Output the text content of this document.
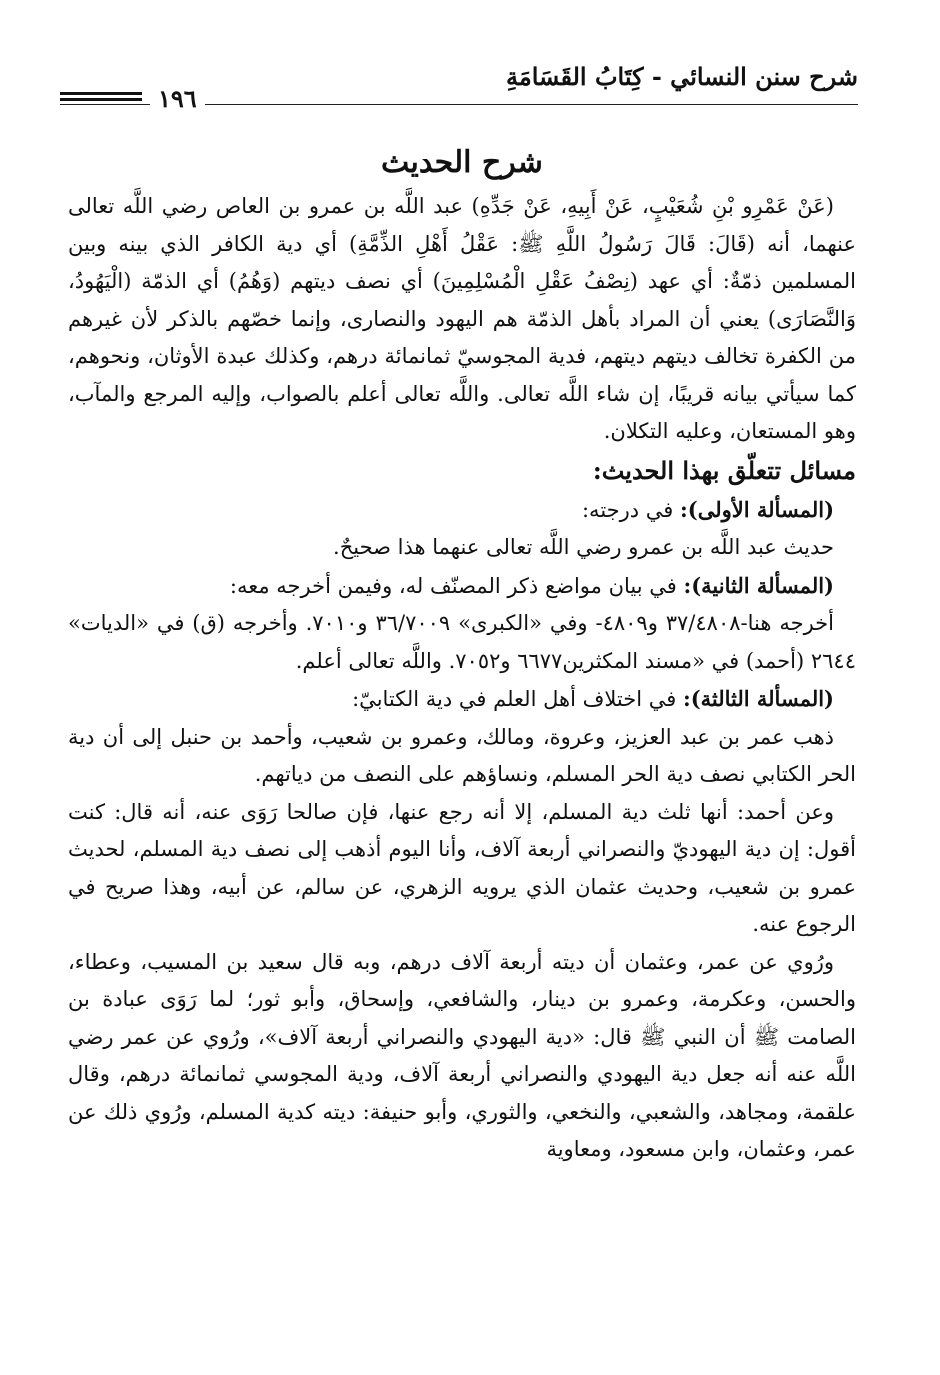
شرح سنن النسائي - كِتَابُ القَسَامَةِ
١٩٦
شرح الحديث

(عَنْ عَمْرِو بْنِ شُعَيْبٍ، عَنْ أَبِيهِ، عَنْ جَدِّهِ) عبد اللَّه بن عمرو بن العاص رضي اللَّه تعالى عنهما، أنه (قَالَ: قَالَ رَسُولُ اللَّهِ ﷺ: عَقْلُ أَهْلِ الذِّمَّةِ) أي دية الكافر الذي بينه وبين المسلمين ذمّةٌ: أي عهد (نِصْفُ عَقْلِ الْمُسْلِمِينَ) أي نصف ديتهم (وَهُمُ) أي الذمّة (الْيَهُودُ، وَالنَّصَارَى) يعني أن المراد بأهل الذمّة هم اليهود والنصارى، وإنما خصّهم بالذكر لأن غيرهم من الكفرة تخالف ديتهم ديتهم، فدية المجوسيّ ثمانمائة درهم، وكذلك عبدة الأوثان، ونحوهم، كما سيأتي بيانه قريبًا، إن شاء اللَّه تعالى. واللَّه تعالى أعلم بالصواب، وإليه المرجع والمآب، وهو المستعان، وعليه التكلان.

مسائل تتعلّق بهذا الحديث:

(المسألة الأولى): في درجته:

حديث عبد اللَّه بن عمرو رضي اللَّه تعالى عنهما هذا صحيحٌ.

(المسألة الثانية): في بيان مواضع ذكر المصنّف له، وفيمن أخرجه معه:

أخرجه هنا-٣٧/٤٨٠٨ و٤٨٠٩- وفي «الكبرى» ٣٦/٧٠٠٩ و٧٠١٠. وأخرجه (ق) في «الديات» ٢٦٤٤ (أحمد) في «مسند المكثرين٦٦٧٧ و٧٠٥٢. واللَّه تعالى أعلم.

(المسألة الثالثة): في اختلاف أهل العلم في دية الكتابيّ:

ذهب عمر بن عبد العزيز، وعروة، ومالك، وعمرو بن شعيب، وأحمد بن حنبل إلى أن دية الحر الكتابي نصف دية الحر المسلم، ونساؤهم على النصف من دياتهم.

وعن أحمد: أنها ثلث دية المسلم، إلا أنه رجع عنها، فإن صالحا رَوَى عنه، أنه قال: كنت أقول: إن دية اليهوديّ والنصراني أربعة آلاف، وأنا اليوم أذهب إلى نصف دية المسلم، لحديث عمرو بن شعيب، وحديث عثمان الذي يرويه الزهري، عن سالم، عن أبيه، وهذا صريح في الرجوع عنه.

ورُوي عن عمر، وعثمان أن ديته أربعة آلاف درهم، وبه قال سعيد بن المسيب، وعطاء، والحسن، وعكرمة، وعمرو بن دينار، والشافعي، وإسحاق، وأبو ثور؛ لما رَوَى عبادة بن الصامت ﷺ أن النبي ﷺ قال: «دية اليهودي والنصراني أربعة آلاف»، ورُوي عن عمر رضي اللَّه عنه أنه جعل دية اليهودي والنصراني أربعة آلاف، ودية المجوسي ثمانمائة درهم، وقال علقمة، ومجاهد، والشعبي، والنخعي، والثوري، وأبو حنيفة: ديته كدية المسلم، ورُوي ذلك عن عمر، وعثمان، وابن مسعود، ومعاوية
